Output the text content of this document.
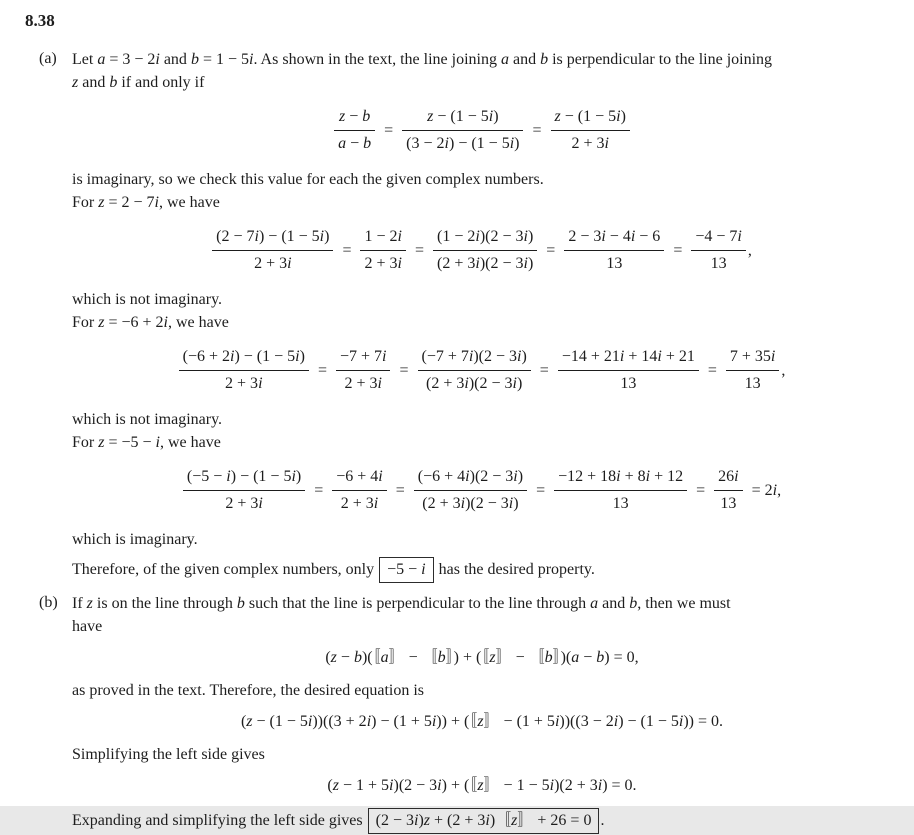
8.38
(a) Let a = 3 − 2i and b = 1 − 5i. As shown in the text, the line joining a and b is perpendicular to the line joining

z and b if and only if

$\frac{z - b}{a - b} = \frac{z - (1 - 5i)}{(3 - 2i) - (1 - 5i)} = \frac{z - (1 - 5i)}{2 + 3i}$

is imaginary, so we check this value for each the given complex numbers.

For z = 2 − 7i, we have

$\frac{(2 - 7i) - (1 - 5i)}{2 + 3i} = \frac{1 - 2i}{2 + 3i} = \frac{(1 - 2i)(2 - 3i)}{(2 + 3i)(2 - 3i)} = \frac{2 - 3i - 4i - 6}{13} = \frac{-4 - 7i}{13}$ ,

which is not imaginary.

For z = −6 + 2i, we have

$\frac{(-6 + 2i) - (1 - 5i)}{2 + 3i} = \frac{-7 + 7i}{2 + 3i} = \frac{(-7 + 7i)(2 - 3i)}{(2 + 3i)(2 - 3i)} = \frac{-14 + 21i + 14i + 21}{13} = \frac{7 + 35i}{13}$ ,

which is not imaginary.

For z = −5 − i, we have

$\frac{(-5 - i) - (1 - 5i)}{2 + 3i} = \frac{-6 + 4i}{2 + 3i} = \frac{(-6 + 4i)(2 - 3i)}{(2 + 3i)(2 - 3i)} = \frac{-12 + 18i + 8i + 12}{13} = \frac{26i}{13} = 2i$,

which is imaginary.

Therefore, of the given complex numbers, only −5 − i has the desired property.

(b) If z is on the line through b such that the line is perpendicular to the line through a and b, then we must

have

(z − b)(〚a〛 − 〚b〛) + (〚z〛 − 〚b〛)(a − b) = 0,

as proved in the text. Therefore, the desired equation is

(z − (1 − 5i))((3 + 2i) − (1 + 5i)) + (〚z〛 − (1 + 5i))((3 − 2i) − (1 − 5i)) = 0.

Simplifying the left side gives

(z − 1 + 5i)(2 − 3i) + (〚z〛 − 1 − 5i)(2 + 3i) = 0.

Expanding and simplifying the left side gives (2 − 3i)z + (2 + 3i)〚z〛 + 26 = 0 .
